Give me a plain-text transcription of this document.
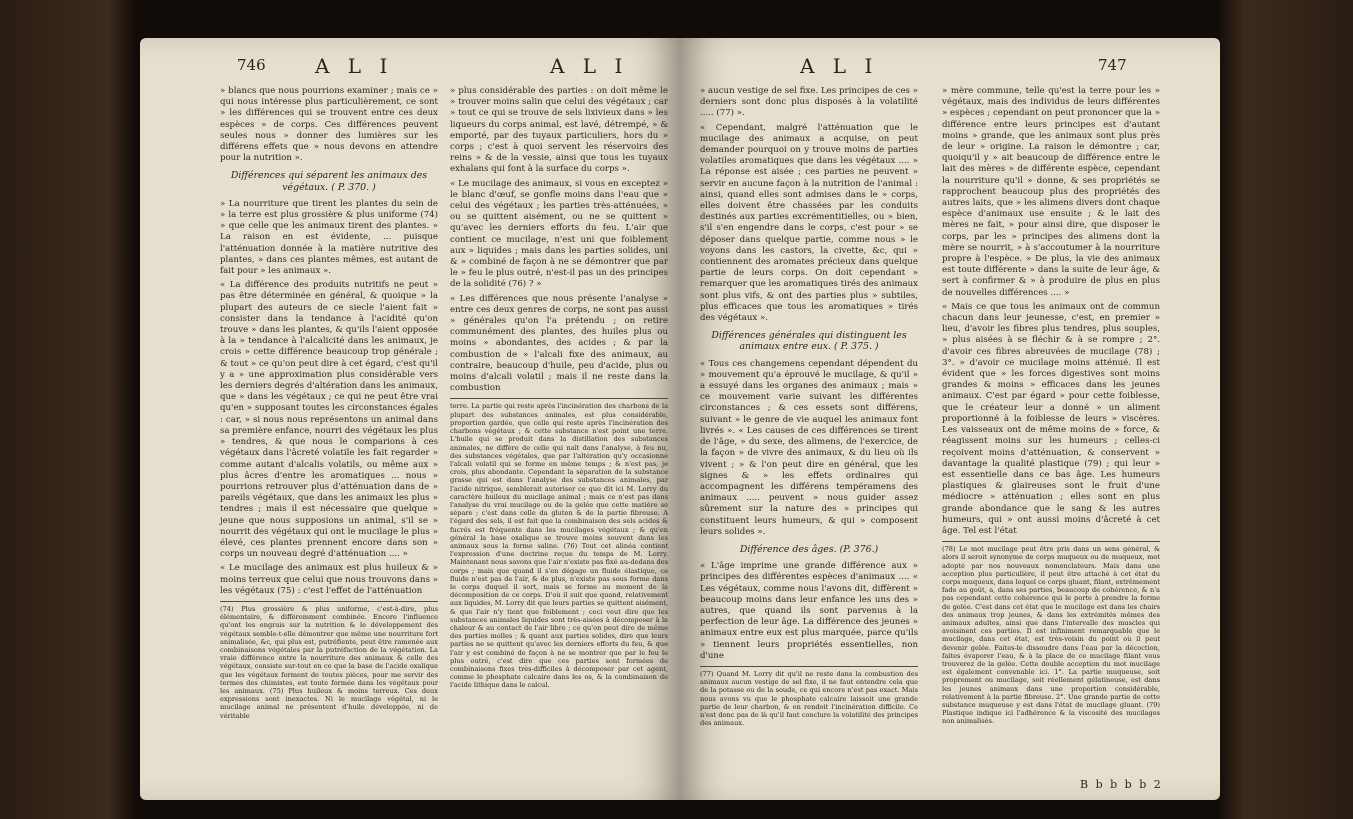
746 A L I	A L I

» blancs que nous pourrions examiner ; mais ce » qui nous intéresse plus particulièrement, ce sont » les différences qui se trouvent entre ces deux espèces » de corps. Ces différences peuvent seules nous » donner des lumières sur les différens effets que » nous devons en attendre pour la nutrition ».

Différences qui séparent les animaux des végétaux. ( P. 370. )

» La nourriture que tirent les plantes du sein de » la terre est plus grossière & plus uniforme (74) » que celle que les animaux tirent des plantes. » La raison en est évidente, ... puisque l'atténuation donnée à la matière nutritive des plantes, » dans ces plantes mêmes, est autant de fait pour » les animaux ».

« La différence des produits nutritifs ne peut » pas être déterminée en général, & quoique » la plupart des auteurs de ce siecle l'aient fait » consister dans la tendance à l'acidité qu'on trouve » dans les plantes, & qu'ils l'aient opposée à la » tendance à l'alcalicité dans les animaux, je crois » cette différence beaucoup trop générale ; & tout » ce qu'on peut dire à cet égard, c'est qu'il y a » une approximation plus considérable vers les derniers degrés d'altération dans les animaux, que » dans les végétaux ; ce qui ne peut être vrai qu'en » supposant toutes les circonstances égales : car, » si nous nous représentons un animal dans sa première enfance, nourri des végétaux les plus » tendres, & que nous le comparions à ces végétaux dans l'âcreté volatile les fait regarder » comme autant d'alcalis volatils, ou même aux » plus âcres d'entre les aromatiques ... nous » pourrions retrouver plus d'atténuation dans de » pareils végétaux, que dans les animaux les plus » tendres ; mais il est nécessaire que quelque » jeune que nous supposions un animal, s'il se » nourrit des végétaux qui ont le mucilage le plus » élevé, ces plantes prennent encore dans son » corps un nouveau degré d'atténuation .... »

« Le mucilage des animaux est plus huileux & » moins terreux que celui que nous trouvons dans » les végétaux (75) : c'est l'effet de l'atténuation

(74) Plus grossière & plus uniforme, c'est-à-dire, plus élémentaire, & différemment combinée. Encore l'influence qu'ont les engrais sur la nutrition & le développement des végétaux semble-t-elle démontrer que même une nourriture fort animalisée, &c, qui plus est, putréfiente, peut être ramenée aux combinaisons végétales par la putréfaction de la végétation. La vraie différence entre la nourriture des animaux & celle des végétaux, consiste sur-tout en ce que la base de l'acide oxalique que les végétaux forment de toutes pièces, pour me servir des termes des chimistes, est toute formée dans les végétaux pour les animaux. (75) Plus huileux & moins terreux. Ces deux expressions sont inexactes. Ni le mucilage végétal, ni le mucilage animal ne présentent d'huile développée, ni de véritable

» plus considérable des parties : on doit même le » trouver moins salin que celui des végétaux ; car » tout ce qui se trouve de sels lixivieux dans » les liqueurs du corps animal, est lavé, détrempé, » & emporté, par des tuyaux particuliers, hors du » corps ; c'est à quoi servent les réservoirs des reins » & de la vessie, ainsi que tous les tuyaux exhalans qui font à la surface du corps ».

« Le mucilage des animaux, si vous en exceptez » le blanc d'œuf, se gonfle moins dans l'eau que » celui des végétaux ; les parties très-atténuées, » ou se quittent aisément, ou ne se quittent » qu'avec les derniers efforts du feu. L'air que contient ce mucilage, n'est uni que foiblement aux » liquides ; mais dans les parties solides, uni & » combiné de façon à ne se démontrer que par le » feu le plus outré, n'est-il pas un des principes de la solidité (76) ? »

« Les différences que nous présente l'analyse » entre ces deux genres de corps, ne sont pas aussi » générales qu'on l'a prétendu ; on retire communément des plantes, des huiles plus ou moins » abondantes, des acides ; & par la combustion de » l'alcali fixe des animaux, au contraire, beaucoup d'huile, peu d'acide, plus ou moins d'alcali volatil ; mais il ne reste dans la combustion

terre. La partie qui reste après l'incinération des charbons de la plupart des substances animales, est plus considérable, proportion gardée, que celle qui reste après l'incinération des charbons végétaux ; & cette substance n'est point une terre. L'huile qui se produit dans la distillation des substances animales, ne diffère de celle qui naît dans l'analyse, à feu nu, des substances végétales, que par l'altération qu'y occasionne l'alcali volatil qui se forme en même temps ; & n'est pas, je crois, plus abondante. Cependant la séparation de la substance grasse qui est dans l'analyse des substances animales, par l'acide nitrique, semblerait autoriser ce que dit ici M. Lorry du caractère huileux du mucilage animal ; mais ce n'est pas dans l'analyse du vrai mucilage ou de la gelée que cette matière se sépare ; c'est dans celle du gluten & de la partie fibreuse. A l'égard des sels, il est fait que la combinaison des sels acides & fucrés est fréquente dans les mucilages végétaux ; & qu'en général la base oxalique se trouve moins souvent dans les animaux sous la forme saline. (76) Tout cet alinéa contient l'expression d'une doctrine reçue du temps de M. Lorry. Maintenant nous savons que l'air n'existe pas fixé au-dedans des corps ; mais que quand il s'en dégage un fluide élastique, ce fluide n'est pas de l'air, & de plus, n'existe pas sous forme dans le corps duquel il sort, mais se forme au moment de la décomposition de ce corps. D'où il suit que quand, relativement aux liquides, M. Lorry dit que leurs parties se quittent aisément, & que l'air n'y tient que foiblement ; ceci veut dire que les substances animales liquides sont très-aisées à décomposer à la chaleur & au contact de l'air libre ; ce qu'on peut dire de même des parties molles ; & quant aux parties solides, dire que leurs parties ne se quittent qu'avec les derniers efforts du feu, & que l'air y est combiné de façon à ne se montrer que par le feu le plus outré, c'est dire que ces parties sont formées de combinaisons fixes très-difficiles à décomposer par cet agent, comme le phosphate calcaire dans les os, & la combinaison de l'acide lithique dans le calcul.
A L I	747

» aucun vestige de sel fixe. Les principes de ces » derniers sont donc plus disposés à la volatilité ..... (77) ».

« Cependant, malgré l'atténuation que le mucilage des animaux a acquise, on peut demander pourquoi on y trouve moins de parties volatiles aromatiques que dans les végétaux .... » La réponse est aisée ; ces parties ne peuvent » servir en aucune façon à la nutrition de l'animal : ainsi, quand elles sont admises dans le » corps, elles doivent être chassées par les conduits destinés aux parties excrémentitielles, ou » bien, s'il s'en engendre dans le corps, c'est pour » se déposer dans quelque partie, comme nous » le voyons dans les castors, la civette, &c, qui » contiennent des aromates précieux dans quelque partie de leurs corps. On doit cependant » remarquer que les aromatiques tirés des animaux sont plus vifs, & ont des parties plus » subtiles, plus efficaces que tous les aromatiques » tirés des végétaux ».

Différences générales qui distinguent les animaux entre eux. ( P. 375. )

« Tous ces changemens cependant dépendent du » mouvement qu'a éprouvé le mucilage, & qu'il » a essuyé dans les organes des animaux ; mais » ce mouvement varie suivant les différentes circonstances ; & ces essets sont différens, suivant » le genre de vie auquel les animaux font livrés ». « Les causes de ces différences se tirent de l'âge, » du sexe, des alimens, de l'exercice, de la façon » de vivre des animaux, & du lieu où ils vivent ; » & l'on peut dire en général, que les signes & » les effets ordinaires qui accompagnent les différens tempéramens des animaux ..... peuvent » nous guider assez sûrement sur la nature des » principes qui constituent leurs humeurs, & qui » composent leurs solides ».

Différence des âges. (P. 376.)

« L'âge imprime une grande différence aux » principes des différentes espèces d'animaux .... « Les végétaux, comme nous l'avons dit, diffèrent » beaucoup moins dans leur enfance les uns des » autres, que quand ils sont parvenus à la perfection de leur âge. La différence des jeunes » animaux entre eux est plus marquée, parce qu'ils » tiennent leurs propriétés essentielles, non d'une

(77) Quand M. Lorry dit qu'il ne reste dans la combustion des animaux aucun vestige de sel fixe, il ne faut entendre cela que de la potasse ou de la soude, ce qui encore n'est pas exact. Mais nous avons vu que le phosphate calcaire laissoit une grande partie de leur charbon, & en rendoit l'incinération difficile. Ce n'est donc pas de là qu'il faut conclure la volatilité des principes des animaux.

» mère commune, telle qu'est la terre pour les » végétaux, mais des individus de leurs différentes » espèces ; cependant on peut prononcer que la » différence entre leurs principes est d'autant moins » grande, que les animaux sont plus près de leur » origine. La raison le démontre ; car, quoiqu'il y » ait beaucoup de différence entre le lait des mères » de différente espèce, cependant la nourriture qu'il » donne, & ses propriétés se rapprochent beaucoup plus des propriétés des autres laits, que » les alimens divers dont chaque espèce d'animaux use ensuite ; & le lait des mères ne fait, » pour ainsi dire, que disposer le corps, par les » principes des alimens dont la mère se nourrit, » à s'accoutumer à la nourriture propre à l'espèce. » De plus, la vie des animaux est toute différente » dans la suite de leur âge, & sert à confirmer & » à produire de plus en plus de nouvelles différences .... »

« Mais ce que tous les animaux ont de commun chacun dans leur jeunesse, c'est, en premier » lieu, d'avoir les fibres plus tendres, plus souples, » plus aisées à se fléchir & à se rompre ; 2°. d'avoir ces fibres abreuvées de mucilage (78) ; 3°. » d'avoir ce mucilage moins atténué. Il est évident que » les forces digestives sont moins grandes & moins » efficaces dans les jeunes animaux. C'est par égard » pour cette foiblesse, que le créateur leur a donné » un aliment proportionné à la foiblesse de leurs » viscères. Les vaisseaux ont de même moins de » force, & réagissent moins sur les humeurs ; celles-ci reçoivent moins d'atténuation, & conservent » davantage la qualité plastique (79) ; qui leur » est essentielle dans ce bas âge. Les humeurs plastiques & glaireuses sont le fruit d'une médiocre » atténuation ; elles sont en plus grande abondance que le sang & les autres humeurs, qui » ont aussi moins d'âcreté à cet âge. Tel est l'état

(78) Le mot mucilage peut être pris dans un sens général, & alors il seroit synonyme de corps muqueux ou de muqueux, mot adopté par nos nouveaux nomenclateurs. Mais dans une acception plus particulière, il peut être attaché à cet état du corps muqueux, dans lequel ce corps gluant, filant, extrêmement fade au goût, a, dans ses parties, beaucoup de cohérence, & n'a pas cependant cette cohérence qui le porte à prendre la forme de gelée. C'est dans cet état que le mucilage est dans les chairs des animaux trop jeunes, & dans les extrémités mêmes des animaux adultes, ainsi que dans l'intervalle des muscles qui avoisinent ces parties. Il est infiniment remarquable que le mucilage, dans cet état, est très-voisin du point où il peut devenir gelée. Faites-le dissoudre dans l'eau par la décoction, faites évaporer l'eau, & à la place de ce mucilage filant vous trouverez de la gelée. Cette double acception du mot mucilage est également convenable ici. 1°. La partie muqueuse, soit proprement ou mucilage, soit réellement gélatineuse, est dans les jeunes animaux dans une proportion considérable, relativement à la partie fibreuse. 2°. Une grande partie de cette substance muqueuse y est dans l'état de mucilage gluant. (79) Plastique indique ici l'adhérence & la viscosité des mucilages non animalisés.
B b b b b 2
